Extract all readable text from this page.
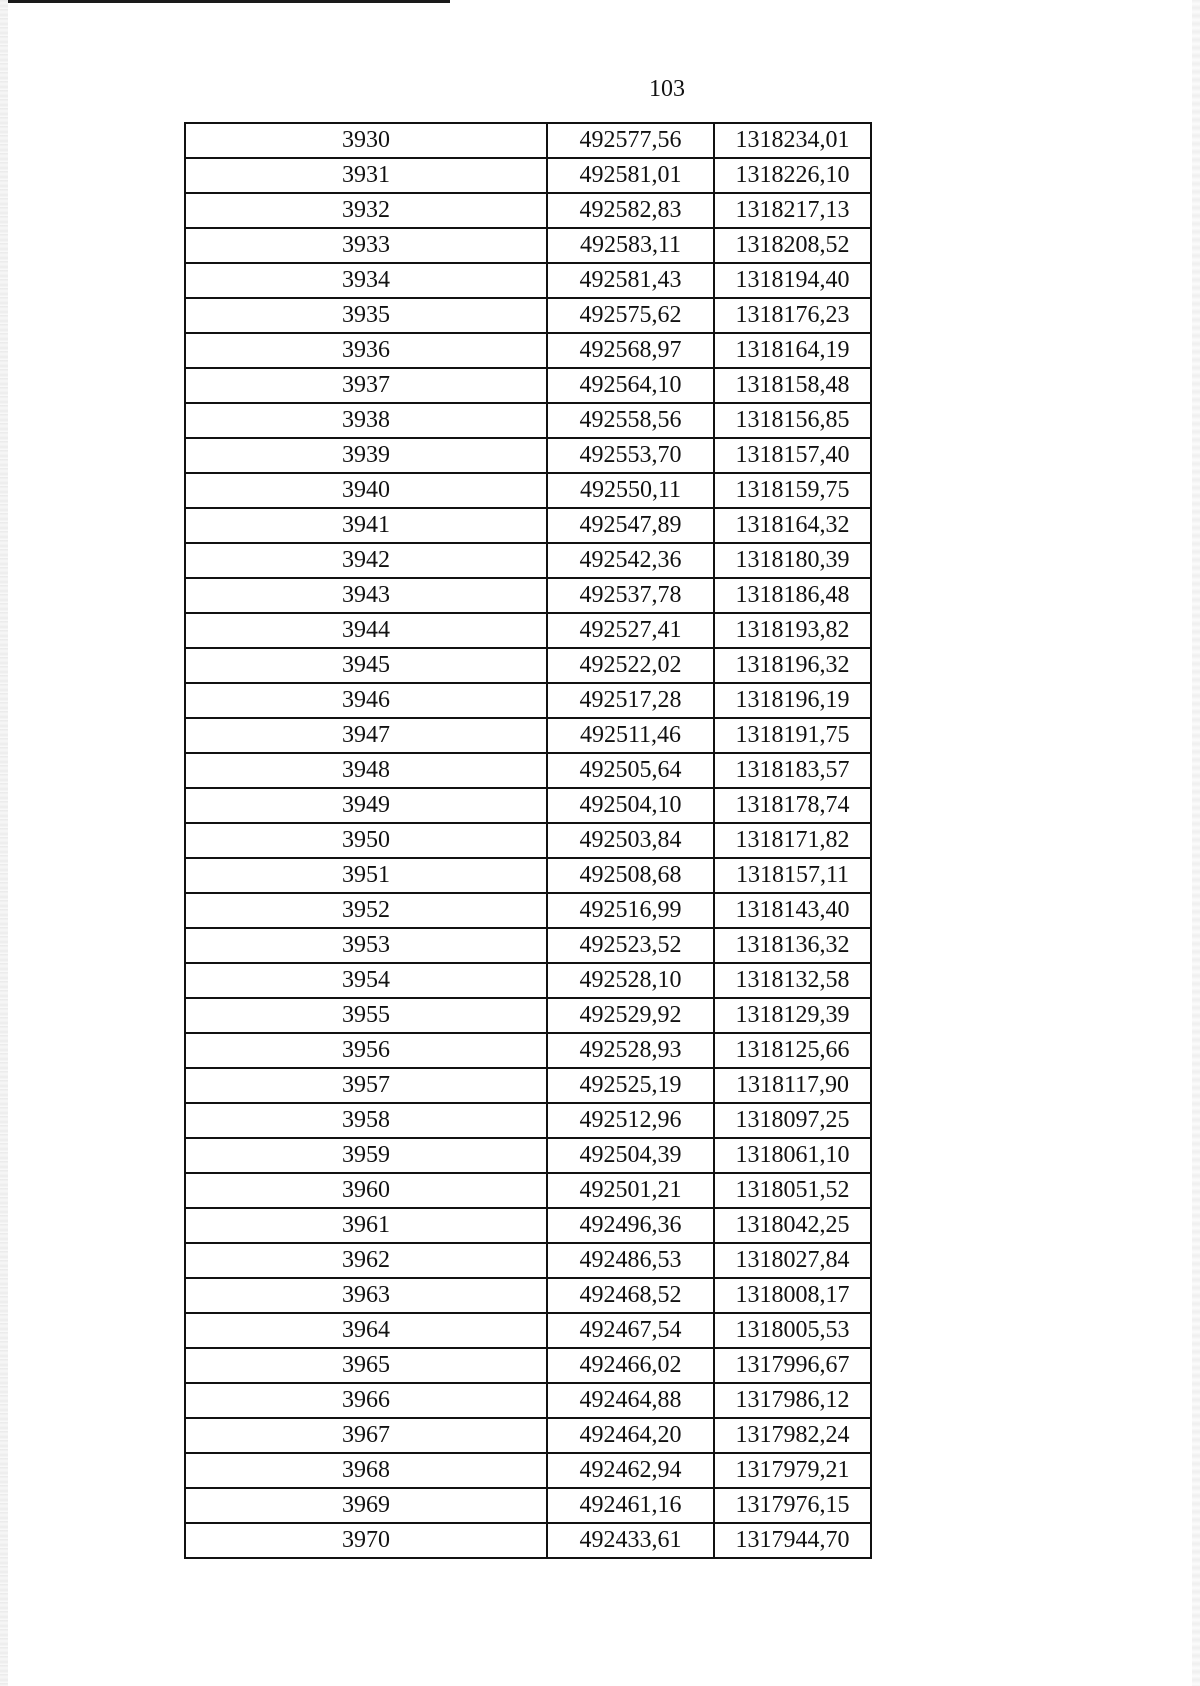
103
3930	492577,56	1318234,01
3931	492581,01	1318226,10
3932	492582,83	1318217,13
3933	492583,11	1318208,52
3934	492581,43	1318194,40
3935	492575,62	1318176,23
3936	492568,97	1318164,19
3937	492564,10	1318158,48
3938	492558,56	1318156,85
3939	492553,70	1318157,40
3940	492550,11	1318159,75
3941	492547,89	1318164,32
3942	492542,36	1318180,39
3943	492537,78	1318186,48
3944	492527,41	1318193,82
3945	492522,02	1318196,32
3946	492517,28	1318196,19
3947	492511,46	1318191,75
3948	492505,64	1318183,57
3949	492504,10	1318178,74
3950	492503,84	1318171,82
3951	492508,68	1318157,11
3952	492516,99	1318143,40
3953	492523,52	1318136,32
3954	492528,10	1318132,58
3955	492529,92	1318129,39
3956	492528,93	1318125,66
3957	492525,19	1318117,90
3958	492512,96	1318097,25
3959	492504,39	1318061,10
3960	492501,21	1318051,52
3961	492496,36	1318042,25
3962	492486,53	1318027,84
3963	492468,52	1318008,17
3964	492467,54	1318005,53
3965	492466,02	1317996,67
3966	492464,88	1317986,12
3967	492464,20	1317982,24
3968	492462,94	1317979,21
3969	492461,16	1317976,15
3970	492433,61	1317944,70
